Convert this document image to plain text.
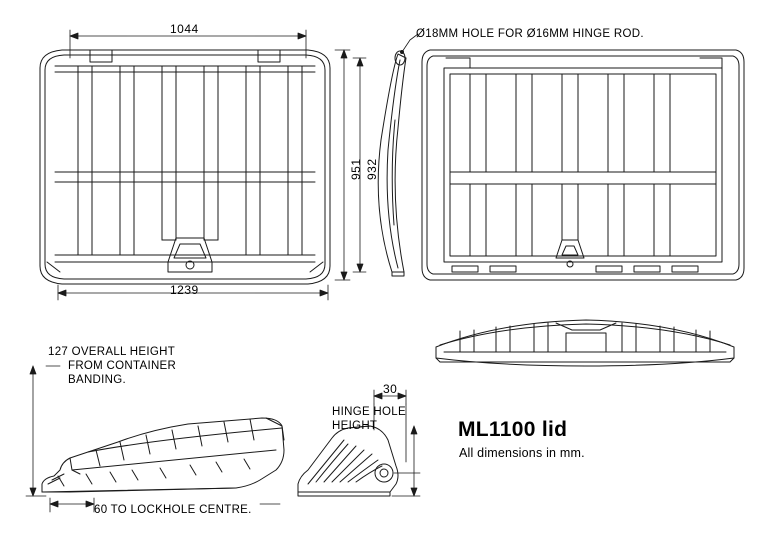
1044
1239
951 932
Ø18MM HOLE FOR Ø16MM HINGE ROD.
127 OVERALL HEIGHT
FROM CONTAINER
BANDING.
60 TO LOCKHOLE CENTRE.
30
HINGE HOLE
HEIGHT	ML1100 lid
All dimensions in mm.
